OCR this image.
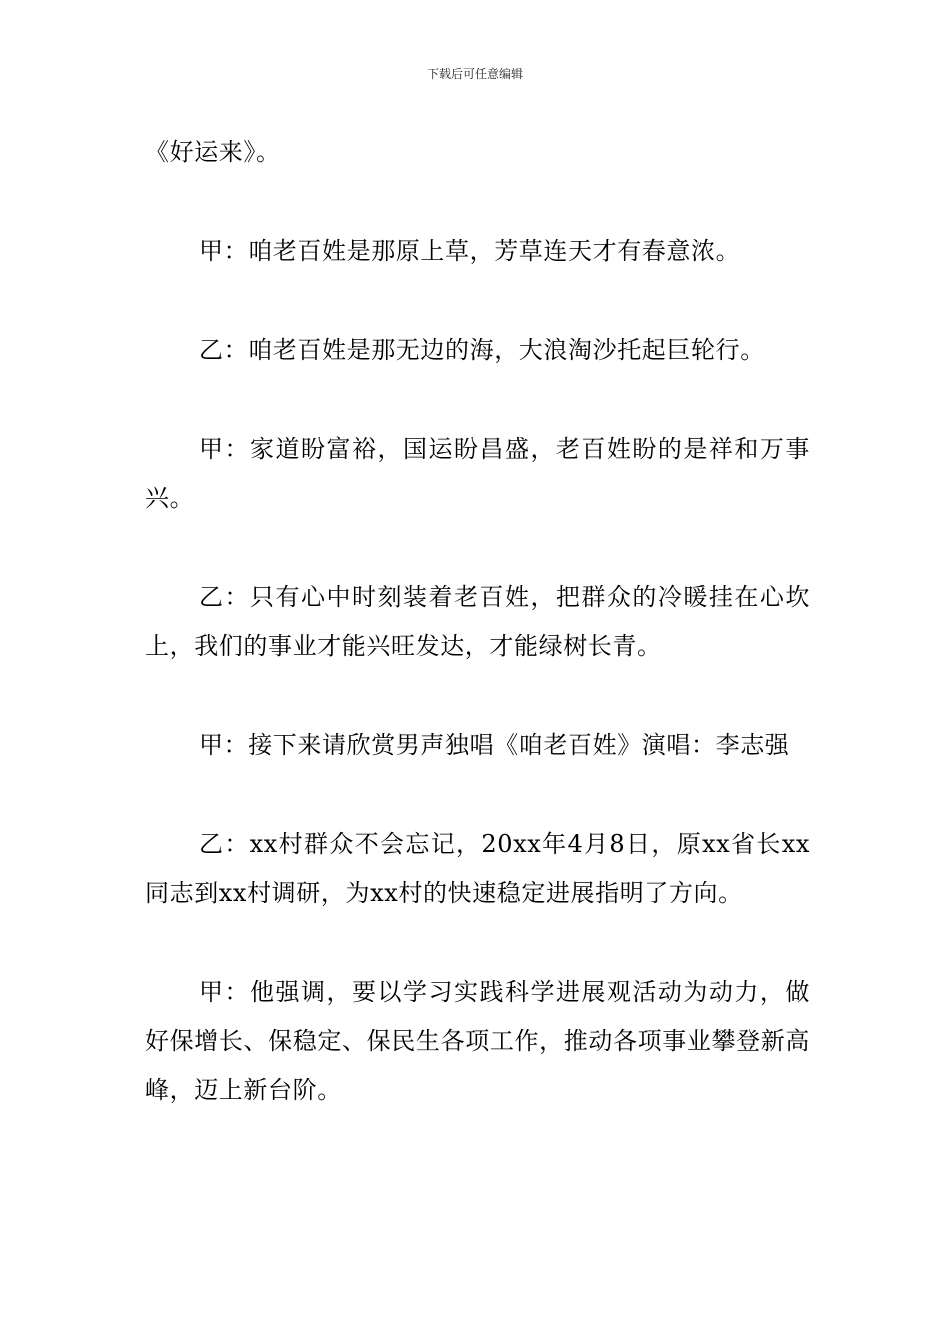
下载后可任意编辑

《好运来》。

甲：咱老百姓是那原上草，芳草连天才有春意浓。

乙：咱老百姓是那无边的海，大浪淘沙托起巨轮行。

甲：家道盼富裕，国运盼昌盛，老百姓盼的是祥和万事兴。

乙：只有心中时刻装着老百姓，把群众的冷暖挂在心坎上，我们的事业才能兴旺发达，才能绿树长青。

甲：接下来请欣赏男声独唱《咱老百姓》演唱：李志强

乙：xx村群众不会忘记，20xx年4月8日，原xx省长xx同志到xx村调研，为xx村的快速稳定进展指明了方向。

甲：他强调，要以学习实践科学进展观活动为动力，做好保增长、保稳定、保民生各项工作，推动各项事业攀登新高峰，迈上新台阶。
